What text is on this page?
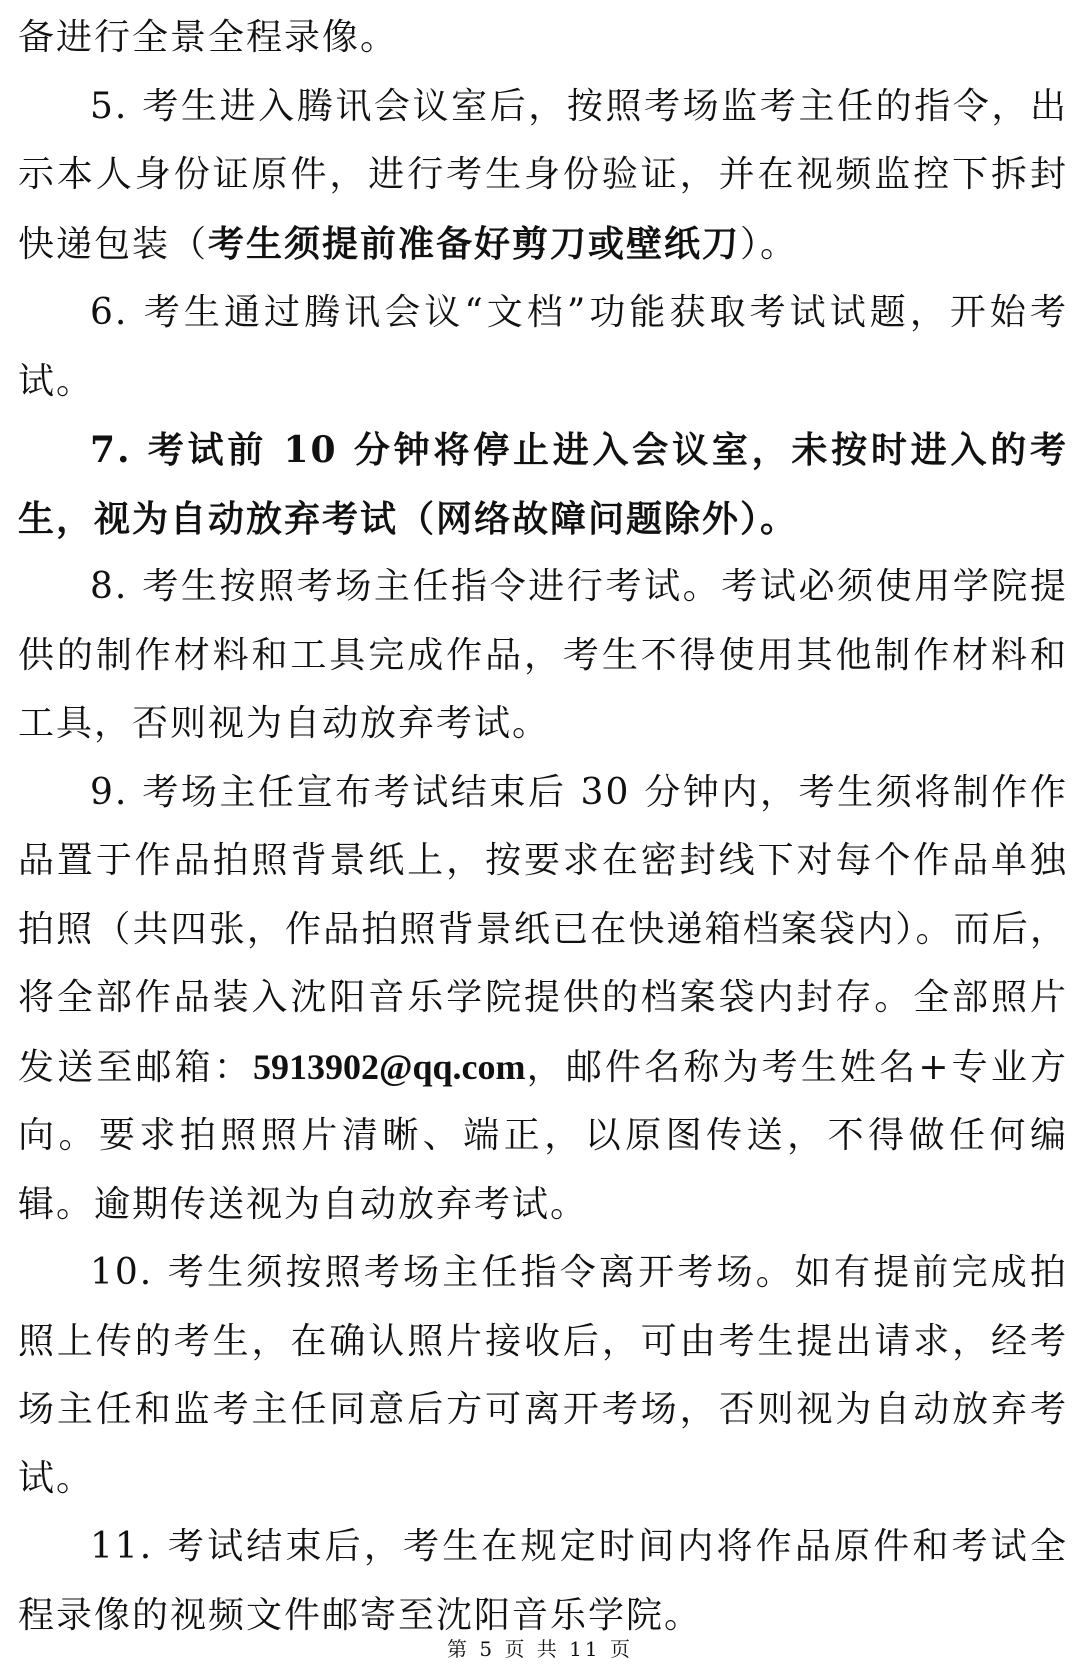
备进行全景全程录像。

5. 考生进入腾讯会议室后，按照考场监考主任的指令，出示本人身份证原件，进行考生身份验证，并在视频监控下拆封快递包装（考生须提前准备好剪刀或壁纸刀）。

6. 考生通过腾讯会议“文档”功能获取考试试题，开始考试。

7. 考试前 10 分钟将停止进入会议室，未按时进入的考生，视为自动放弃考试（网络故障问题除外）。

8. 考生按照考场主任指令进行考试。考试必须使用学院提供的制作材料和工具完成作品，考生不得使用其他制作材料和工具，否则视为自动放弃考试。

9. 考场主任宣布考试结束后 30 分钟内，考生须将制作作品置于作品拍照背景纸上，按要求在密封线下对每个作品单独拍照（共四张，作品拍照背景纸已在快递箱档案袋内）。而后，将全部作品装入沈阳音乐学院提供的档案袋内封存。全部照片发送至邮箱：5913902@qq.com，邮件名称为考生姓名+专业方向。要求拍照照片清晰、端正，以原图传送，不得做任何编辑。逾期传送视为自动放弃考试。

10. 考生须按照考场主任指令离开考场。如有提前完成拍照上传的考生，在确认照片接收后，可由考生提出请求，经考场主任和监考主任同意后方可离开考场，否则视为自动放弃考试。

11. 考试结束后，考生在规定时间内将作品原件和考试全程录像的视频文件邮寄至沈阳音乐学院。

第 5 页 共 11 页
